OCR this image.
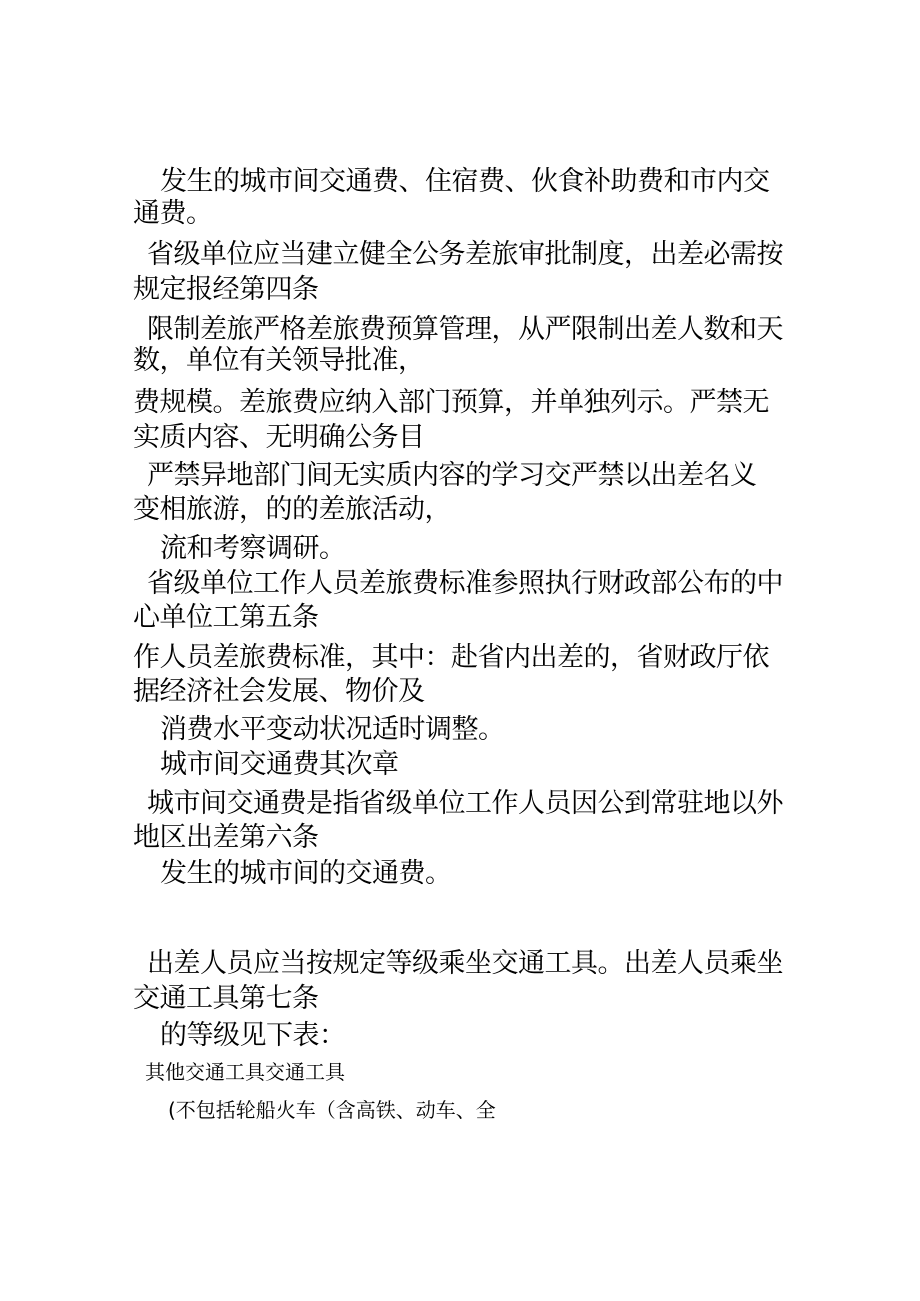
发生的城市间交通费、住宿费、伙食补助费和市内交
通费。
省级单位应当建立健全公务差旅审批制度，出差必需按
规定报经第四条
限制差旅严格差旅费预算管理，从严限制出差人数和天
数，单位有关领导批准，
费规模。差旅费应纳入部门预算，并单独列示。严禁无
实质内容、无明确公务目
严禁异地部门间无实质内容的学习交严禁以出差名义
变相旅游，的的差旅活动，
流和考察调研。
省级单位工作人员差旅费标准参照执行财政部公布的中
心单位工第五条
作人员差旅费标准，其中：赴省内出差的，省财政厅依
据经济社会发展、物价及
消费水平变动状况适时调整。
城市间交通费其次章
城市间交通费是指省级单位工作人员因公到常驻地以外
地区出差第六条
发生的城市间的交通费。
出差人员应当按规定等级乘坐交通工具。出差人员乘坐
交通工具第七条
的等级见下表：
其他交通工具交通工具
(不包括轮船火车（含高铁、动车、全
